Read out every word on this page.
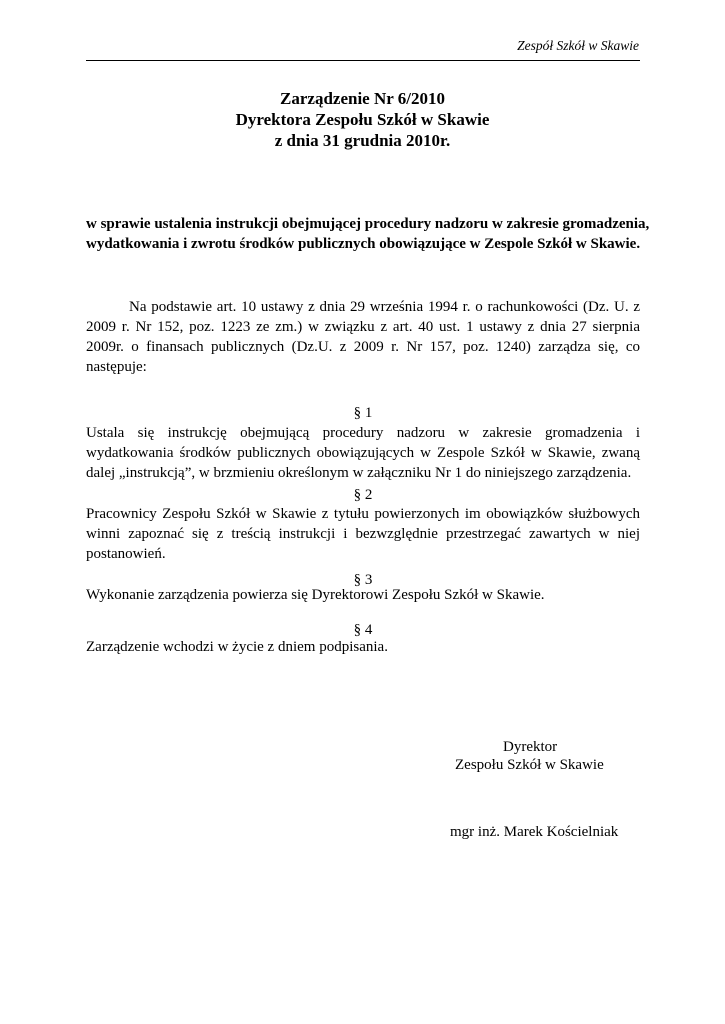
Zespół Szkół w Skawie
Zarządzenie Nr 6/2010
Dyrektora Zespołu Szkół w Skawie
z dnia 31 grudnia 2010r.
w sprawie ustalenia instrukcji obejmującej procedury nadzoru w zakresie gromadzenia,
wydatkowania i zwrotu środków publicznych obowiązujące w Zespole Szkół w Skawie.

Na podstawie art. 10 ustawy z dnia 29 września 1994 r. o rachunkowości (Dz. U. z 2009 r. Nr 152, poz. 1223 ze zm.) w związku z art. 40 ust. 1 ustawy z dnia 27 sierpnia 2009r. o finansach publicznych (Dz.U. z 2009 r. Nr 157, poz. 1240) zarządza się, co następuje:

§ 1

Ustala się instrukcję obejmującą procedury nadzoru w zakresie gromadzenia i wydatkowania środków publicznych obowiązujących w Zespole Szkół w Skawie, zwaną dalej „instrukcją”, w brzmieniu określonym w załączniku Nr 1 do niniejszego zarządzenia.

§ 2

Pracownicy Zespołu Szkół w Skawie z tytułu powierzonych im obowiązków służbowych winni zapoznać się z treścią instrukcji i bezwzględnie przestrzegać zawartych w niej postanowień.

§ 3

Wykonanie zarządzenia powierza się Dyrektorowi Zespołu Szkół w Skawie.

§ 4

Zarządzenie wchodzi w życie z dniem podpisania.

Dyrektor
Zespołu Szkół w Skawie
mgr inż. Marek Kościelniak
